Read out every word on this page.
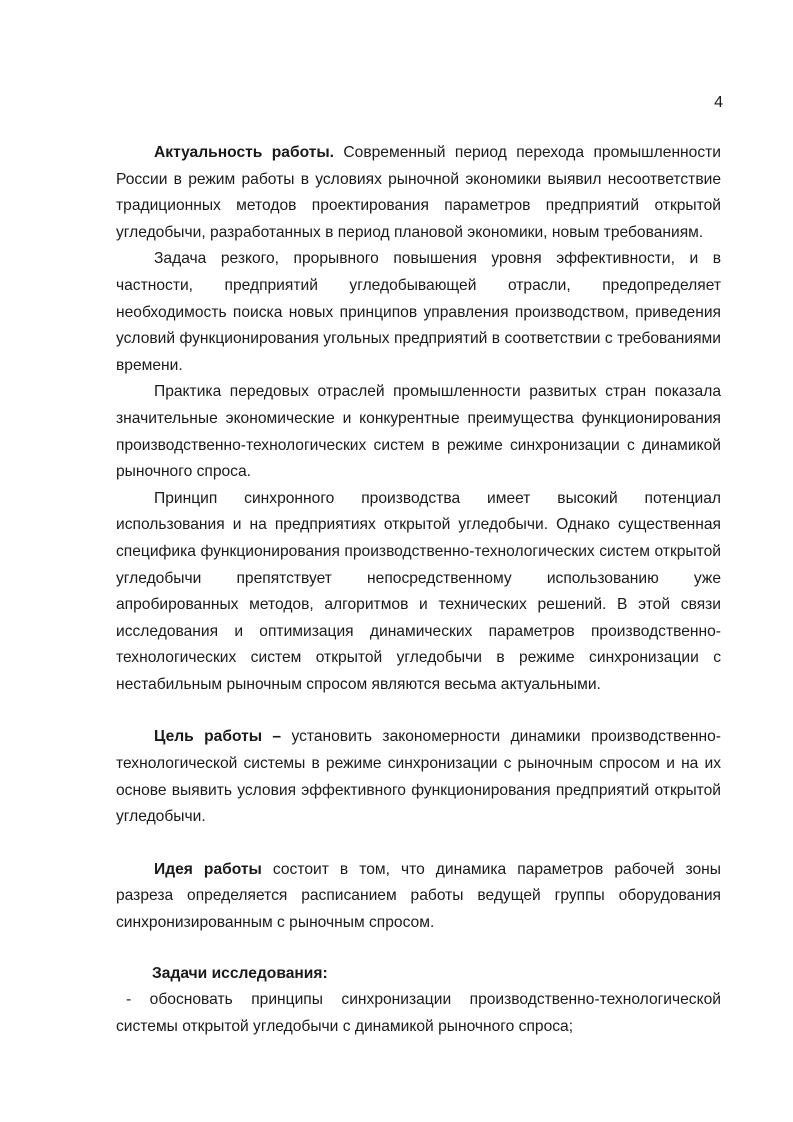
4

Актуальность работы. Современный период перехода промышленности России в режим работы в условиях рыночной экономики выявил несоответствие традиционных методов проектирования параметров предприятий открытой угледобычи, разработанных в период плановой экономики, новым требованиям.

Задача резкого, прорывного повышения уровня эффективности, и в частности, предприятий угледобывающей отрасли, предопределяет необходимость поиска новых принципов управления производством, приведения условий функционирования угольных предприятий в соответствии с требованиями времени.

Практика передовых отраслей промышленности развитых стран показала значительные экономические и конкурентные преимущества функционирования производственно-технологических систем в режиме синхронизации с динамикой рыночного спроса.

Принцип синхронного производства имеет высокий потенциал использования и на предприятиях открытой угледобычи. Однако существенная специфика функционирования производственно-технологических систем открытой угледобычи препятствует непосредственному использованию уже апробированных методов, алгоритмов и технических решений. В этой связи исследования и оптимизация динамических параметров производственно-технологических систем открытой угледобычи в режиме синхронизации с нестабильным рыночным спросом являются весьма актуальными.

Цель работы – установить закономерности динамики производственно-технологической системы в режиме синхронизации с рыночным спросом и на их основе выявить условия эффективного функционирования предприятий открытой угледобычи.

Идея работы состоит в том, что динамика параметров рабочей зоны разреза определяется расписанием работы ведущей группы оборудования синхронизированным с рыночным спросом.

Задачи исследования:

- обосновать принципы синхронизации производственно-технологической системы открытой угледобычи с динамикой рыночного спроса;
